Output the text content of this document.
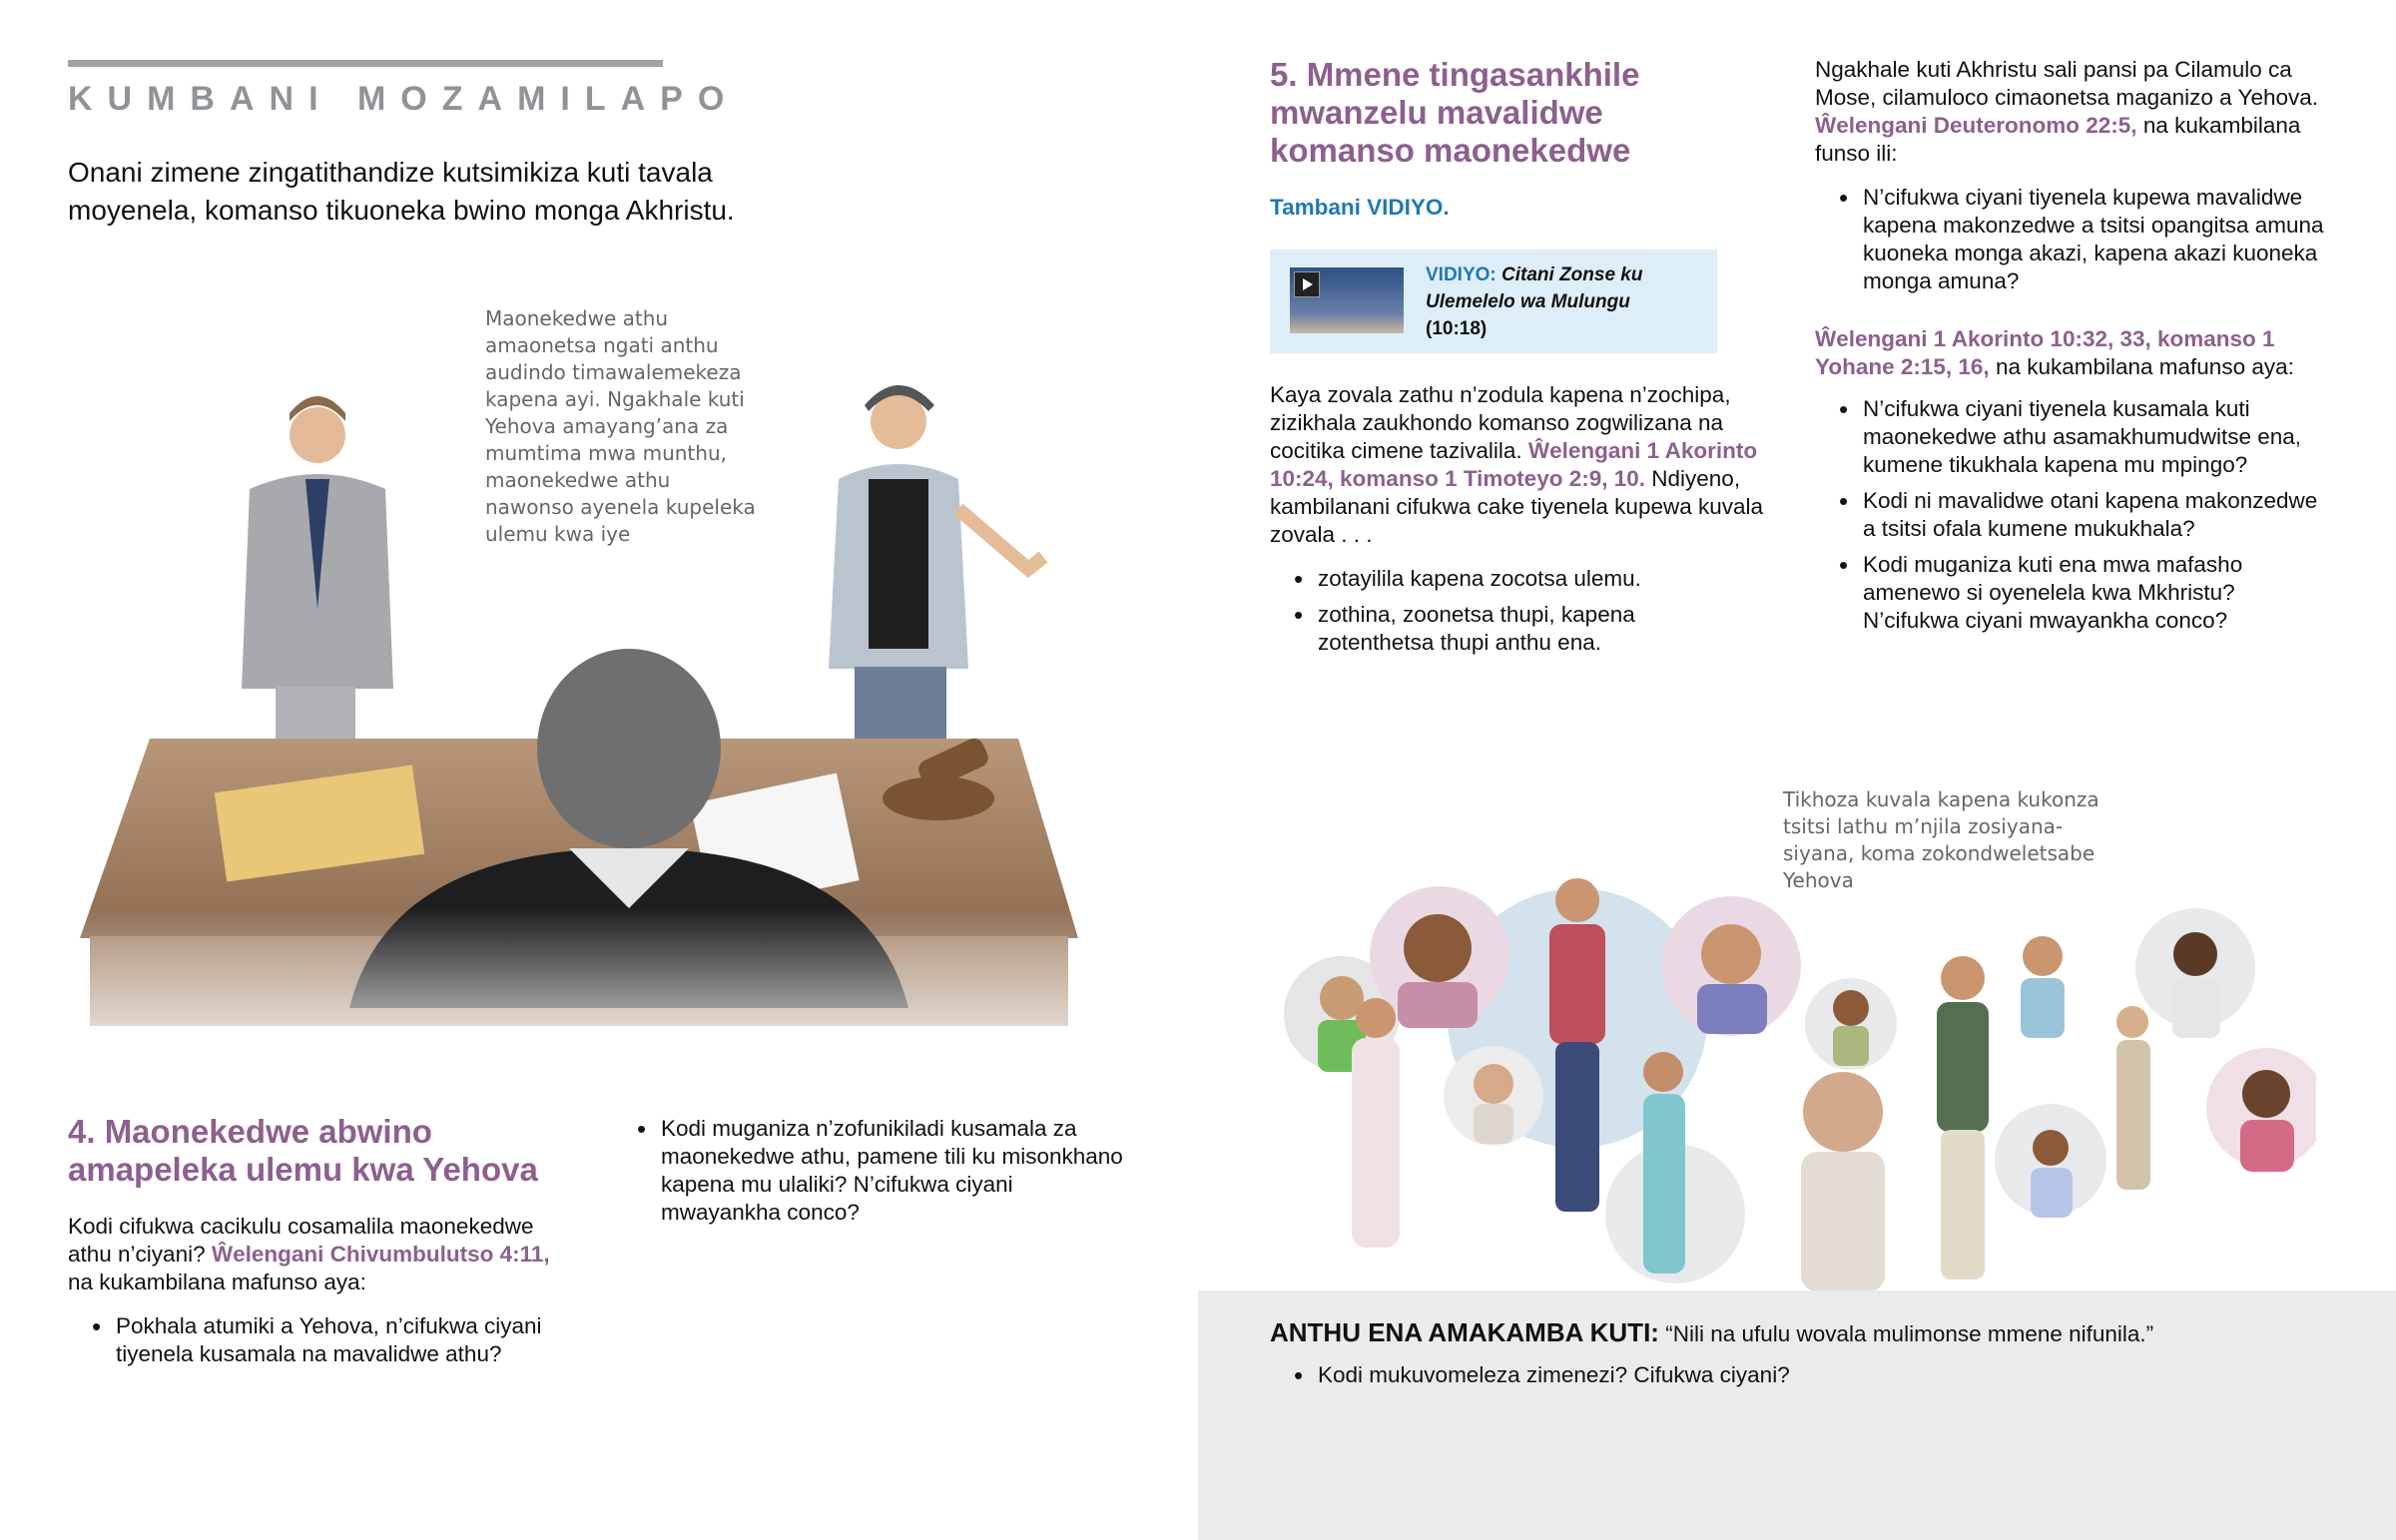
KUMBANI MOZAMILAPO
Onani zimene zingatithandize kutsimikiza kuti tavala moyenela, komanso tikuoneka bwino monga Akhristu.
Maonekedwe athu amaonetsa ngati anthu audindo timawalemekeza kapena ayi. Ngakhale kuti Yehova amayang’ana za mumtima mwa munthu, maonekedwe athu nawonso ayenela kupeleka ulemu kwa iye
4. Maonekedwe abwino amapeleka ulemu kwa Yehova
Kodi cifukwa cacikulu cosamalila maonekedwe athu n’ciyani? Ŵelengani Chivumbulutso 4:11, na kukambilana mafunso aya:
• Pokhala atumiki a Yehova, n’cifukwa ciyani tiyenela kusamala na mavalidwe athu?
• Kodi muganiza n’zofunikiladi kusamala za maonekedwe athu, pamene tili ku misonkhano kapena mu ulaliki? N’cifukwa ciyani mwayankha conco?
5. Mmene tingasankhile mwanzelu mavalidwe komanso maonekedwe
Tambani VIDIYO.
VIDIYO: Citani Zonse ku Ulemelelo wa Mulungu
(10:18)
Kaya zovala zathu n’zodula kapena n’zochipa, zizikhala zaukhondo komanso zogwilizana na cocitika cimene tazivalila. Ŵelengani 1 Akorinto 10:24, komanso 1 Timoteyo 2:9, 10. Ndiyeno, kambilanani cifukwa cake tiyenela kupewa kuvala zovala . . .
• zotayilila kapena zocotsa ulemu.
• zothina, zoonetsa thupi, kapena zotenthetsa thupi anthu ena.
Ngakhale kuti Akhristu sali pansi pa Cilamulo ca Mose, cilamuloco cimaonetsa maganizo a Yehova. Ŵelengani Deuteronomo 22:5, na kukambilana funso ili:
• N’cifukwa ciyani tiyenela kupewa mavalidwe kapena makonzedwe a tsitsi opangitsa amuna kuoneka monga akazi, kapena akazi kuoneka monga amuna?
Ŵelengani 1 Akorinto 10:32, 33, komanso 1 Yohane 2:15, 16, na kukambilana mafunso aya:
• N’cifukwa ciyani tiyenela kusamala kuti maonekedwe athu asamakhumudwitse ena, kumene tikukhala kapena mu mpingo?
• Kodi ni mavalidwe otani kapena makonzedwe a tsitsi ofala kumene mukukhala?
• Kodi muganiza kuti ena mwa mafasho amenewo si oyenelela kwa Mkhristu? N’cifukwa ciyani mwayankha conco?
Tikhoza kuvala kapena kukonza tsitsi lathu m’njila zosiyana-siyana, koma zokondweletsabe Yehova
ANTHU ENA AMAKAMBA KUTI: “Nili na ufulu wovala mulimonse mmene nifunila.”
• Kodi mukuvomeleza zimenezi? Cifukwa ciyani?
